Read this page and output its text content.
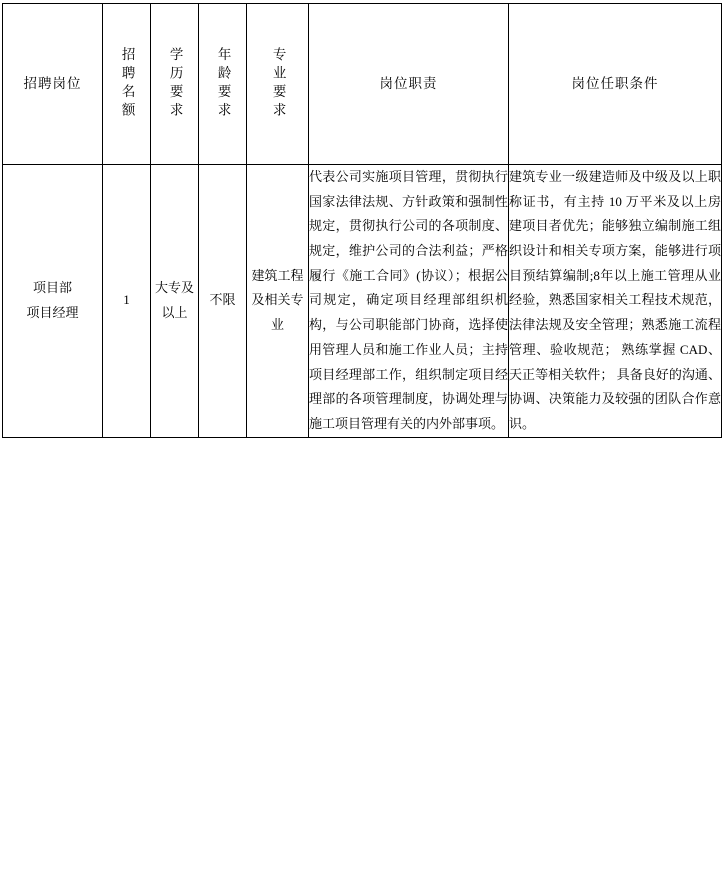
招聘岗位	招聘名额	学历要求	年龄要求	专业要求	岗位职责	岗位任职条件

项目部
项目经理	1	大专及以上	不限	建筑工程及相关专业	代表公司实施项目管理，贯彻执行国家法律法规、方针政策和强制性规定，贯彻执行公司的各项制度、规定，维护公司的合法利益；严格履行《施工合同》(协议）；根据公司规定，确定项目经理部组织机构，与公司职能部门协商，选择使用管理人员和施工作业人员；主持项目经理部工作，组织制定项目经理部的各项管理制度，协调处理与施工项目管理有关的内外部事项。	建筑专业一级建造师及中级及以上职称证书，有主持 10 万平米及以上房建项目者优先；能够独立编制施工组织设计和相关专项方案，能够进行项目预结算编制;8年以上施工管理从业经验，熟悉国家相关工程技术规范，法律法规及安全管理；熟悉施工流程管理、验收规范； 熟练掌握 CAD、天正等相关软件； 具备良好的沟通、协调、决策能力及较强的团队合作意识。
